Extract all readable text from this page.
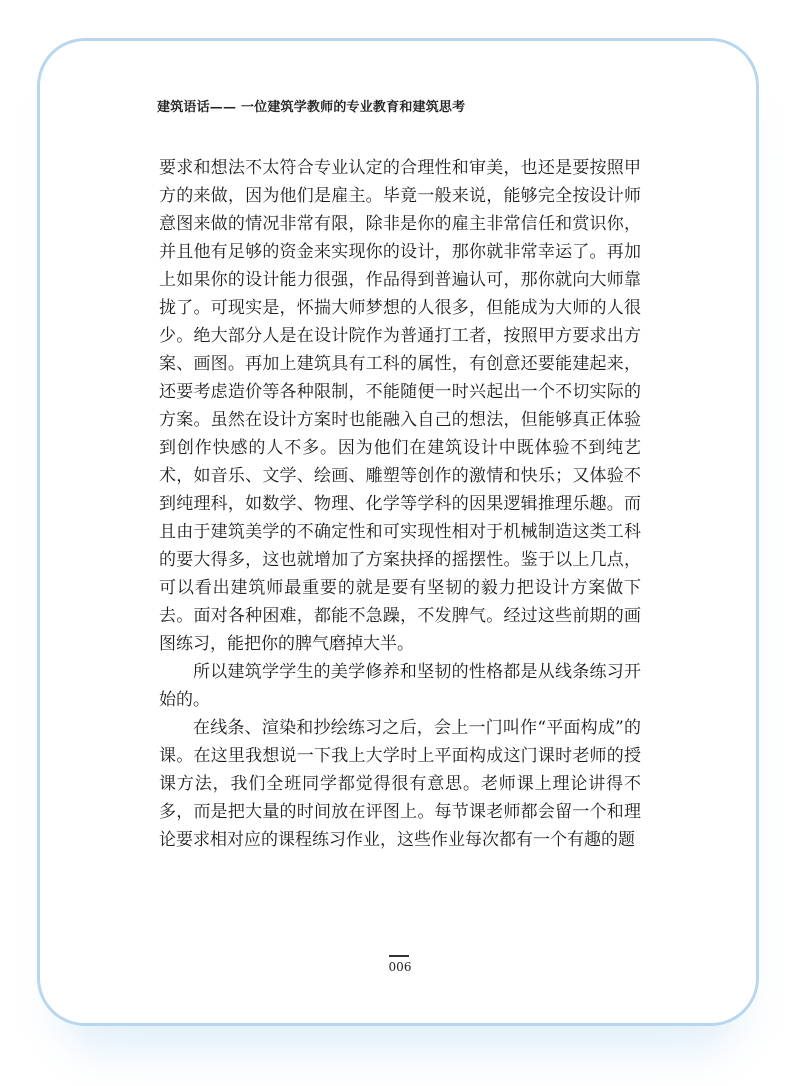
建筑语话—— 一位建筑学教师的专业教育和建筑思考

要求和想法不太符合专业认定的合理性和审美，也还是要按照甲方的来做，因为他们是雇主。毕竟一般来说，能够完全按设计师意图来做的情况非常有限，除非是你的雇主非常信任和赏识你，并且他有足够的资金来实现你的设计，那你就非常幸运了。再加上如果你的设计能力很强，作品得到普遍认可，那你就向大师靠拢了。可现实是，怀揣大师梦想的人很多，但能成为大师的人很少。绝大部分人是在设计院作为普通打工者，按照甲方要求出方案、画图。再加上建筑具有工科的属性，有创意还要能建起来，还要考虑造价等各种限制，不能随便一时兴起出一个不切实际的方案。虽然在设计方案时也能融入自己的想法，但能够真正体验到创作快感的人不多。因为他们在建筑设计中既体验不到纯艺术，如音乐、文学、绘画、雕塑等创作的激情和快乐；又体验不到纯理科，如数学、物理、化学等学科的因果逻辑推理乐趣。而且由于建筑美学的不确定性和可实现性相对于机械制造这类工科的要大得多，这也就增加了方案抉择的摇摆性。鉴于以上几点，可以看出建筑师最重要的就是要有坚韧的毅力把设计方案做下去。面对各种困难，都能不急躁，不发脾气。经过这些前期的画图练习，能把你的脾气磨掉大半。

所以建筑学学生的美学修养和坚韧的性格都是从线条练习开始的。

在线条、渲染和抄绘练习之后，会上一门叫作“平面构成”的课。在这里我想说一下我上大学时上平面构成这门课时老师的授课方法，我们全班同学都觉得很有意思。老师课上理论讲得不多，而是把大量的时间放在评图上。每节课老师都会留一个和理论要求相对应的课程练习作业，这些作业每次都有一个有趣的题

006
